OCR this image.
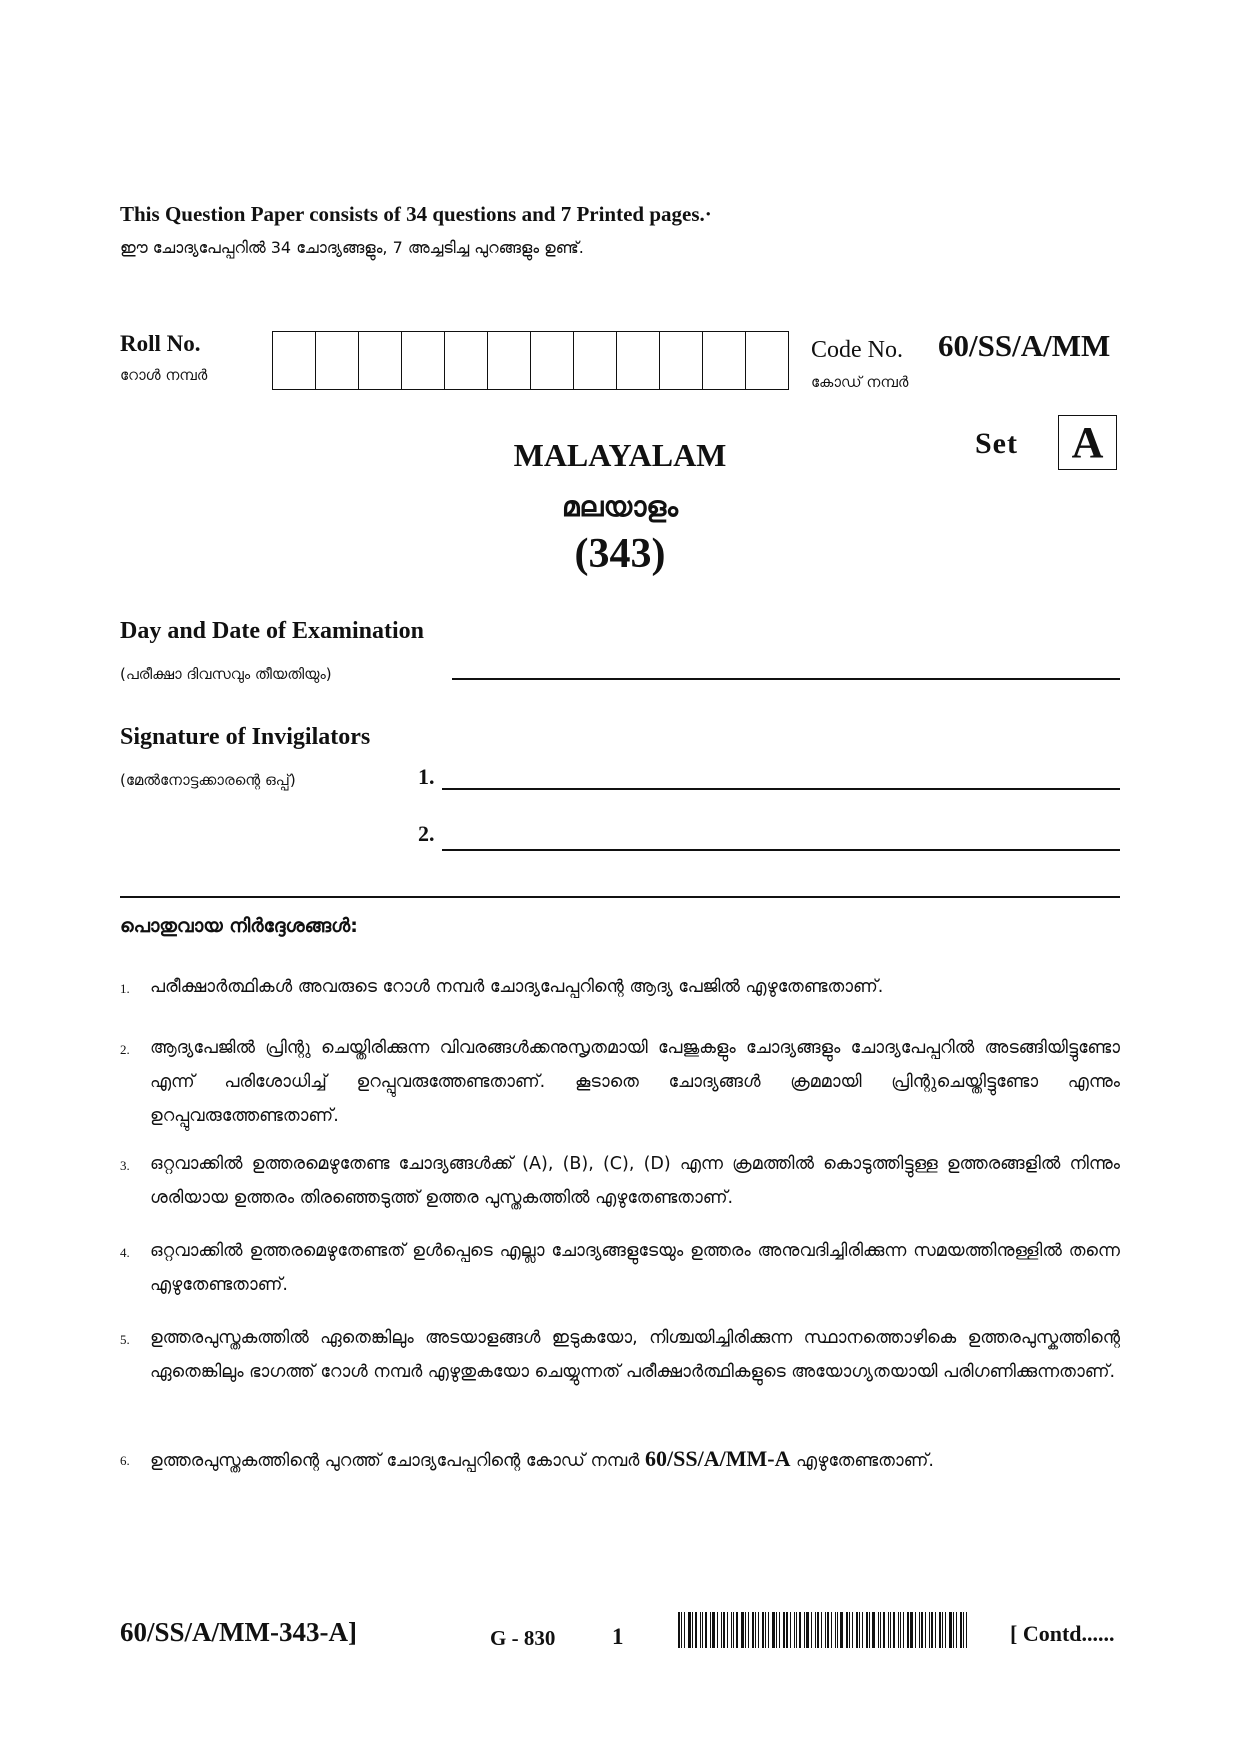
This Question Paper consists of 34 questions and 7 Printed pages.·
ഈ ചോദ്യപേപ്പറിൽ 34 ചോദ്യങ്ങളും, 7 അച്ചടിച്ച പുറങ്ങളും ഉണ്ട്.
Roll No.
റോൾ നമ്പർ
Code No. 60/SS/A/MM
കോഡ് നമ്പർ
Set	A
MALAYALAM
മലയാളം
(343)
Day and Date of Examination
(പരീക്ഷാ ദിവസവും തീയതിയും)
Signature of Invigilators
(മേൽനോട്ടക്കാരന്റെ ഒപ്പ്)	1.
2.
പൊതുവായ നിർദ്ദേശങ്ങൾ:
1.	പരീക്ഷാർത്ഥികൾ അവരുടെ റോൾ നമ്പർ ചോദ്യപേപ്പറിന്റെ ആദ്യ പേജിൽ എഴുതേണ്ടതാണ്.
2.	ആദ്യപേജിൽ പ്രിന്റു ചെയ്തിരിക്കുന്ന വിവരങ്ങൾക്കനുസൃതമായി പേജുകളും ചോദ്യങ്ങളും ചോദ്യപേപ്പറിൽ അടങ്ങിയിട്ടുണ്ടോ എന്ന് പരിശോധിച്ച് ഉറപ്പുവരുത്തേണ്ടതാണ്. കൂടാതെ ചോദ്യങ്ങൾ ക്രമമായി പ്രിന്റുചെയ്തിട്ടുണ്ടോ എന്നും ഉറപ്പുവരുത്തേണ്ടതാണ്.
3.	ഒറ്റവാക്കിൽ ഉത്തരമെഴുതേണ്ട ചോദ്യങ്ങൾക്ക് (A), (B), (C), (D) എന്ന ക്രമത്തിൽ കൊടുത്തിട്ടുള്ള ഉത്തരങ്ങളിൽ നിന്നും ശരിയായ ഉത്തരം തിരഞ്ഞെടുത്ത് ഉത്തര പുസ്തകത്തിൽ എഴുതേണ്ടതാണ്.
4.	ഒറ്റവാക്കിൽ ഉത്തരമെഴുതേണ്ടത് ഉൾപ്പെടെ എല്ലാ ചോദ്യങ്ങളുടേയും ഉത്തരം അനുവദിച്ചിരിക്കുന്ന സമയത്തിനുള്ളിൽ തന്നെ എഴുതേണ്ടതാണ്.
5.	ഉത്തരപുസ്തകത്തിൽ ഏതെങ്കിലും അടയാളങ്ങൾ ഇടുകയോ, നിശ്ചയിച്ചിരിക്കുന്ന സ്ഥാനത്തൊഴികെ ഉത്തരപുസ്കത്തിന്റെ ഏതെങ്കിലും ഭാഗത്ത് റോൾ നമ്പർ എഴുതുകയോ ചെയ്യുന്നത് പരീക്ഷാർത്ഥികളുടെ അയോഗ്യതയായി പരിഗണിക്കുന്നതാണ്.
6.	ഉത്തരപുസ്തകത്തിന്റെ പുറത്ത് ചോദ്യപേപ്പറിന്റെ കോഡ് നമ്പർ 60/SS/A/MM-A എഴുതേണ്ടതാണ്.
60/SS/A/MM-343-A]	G - 830 1	[ Contd......
